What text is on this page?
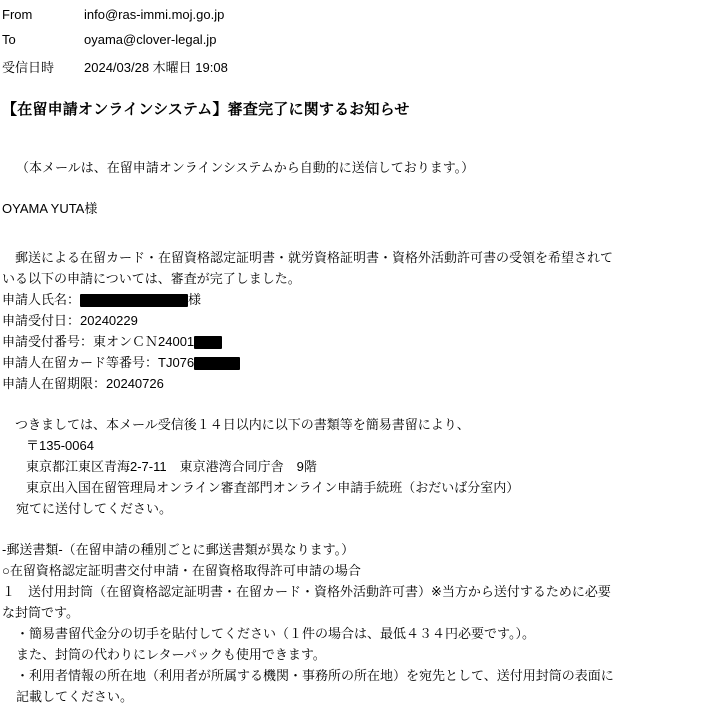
From	info@ras-immi.moj.go.jp
To	oyama@clover-legal.jp
受信日時	2024/03/28 木曜日 19:08
【在留申請オンラインシステム】審査完了に関するお知らせ
（本メールは、在留申請オンラインシステムから自動的に送信しております。）
OYAMA YUTA様
　郵送による在留カード・在留資格認定証明書・就労資格証明書・資格外活動許可書の受領を希望されて
いる以下の申請については、審査が完了しました。
申請人氏名：	様
申請受付日：20240229
申請受付番号：東オンＣＮ24001
申請人在留カード等番号：TJ076
申請人在留期限：20240726
　つきましては、本メール受信後１４日以内に以下の書類等を簡易書留により、
〒135-0064
東京都江東区青海2-7-11　東京港湾合同庁舎　9階
東京出入国在留管理局オンライン審査部門オンライン申請手続班（おだいば分室内）
宛てに送付してください。
-郵送書類-（在留申請の種別ごとに郵送書類が異なります。）
○在留資格認定証明書交付申請・在留資格取得許可申請の場合
１　送付用封筒（在留資格認定証明書・在留カード・資格外活動許可書）※当方から送付するために必要
な封筒です。
・簡易書留代金分の切手を貼付してください（１件の場合は、最低４３４円必要です。）。
また、封筒の代わりにレターパックも使用できます。
・利用者情報の所在地（利用者が所属する機関・事務所の所在地）を宛先として、送付用封筒の表面に
記載してください。
